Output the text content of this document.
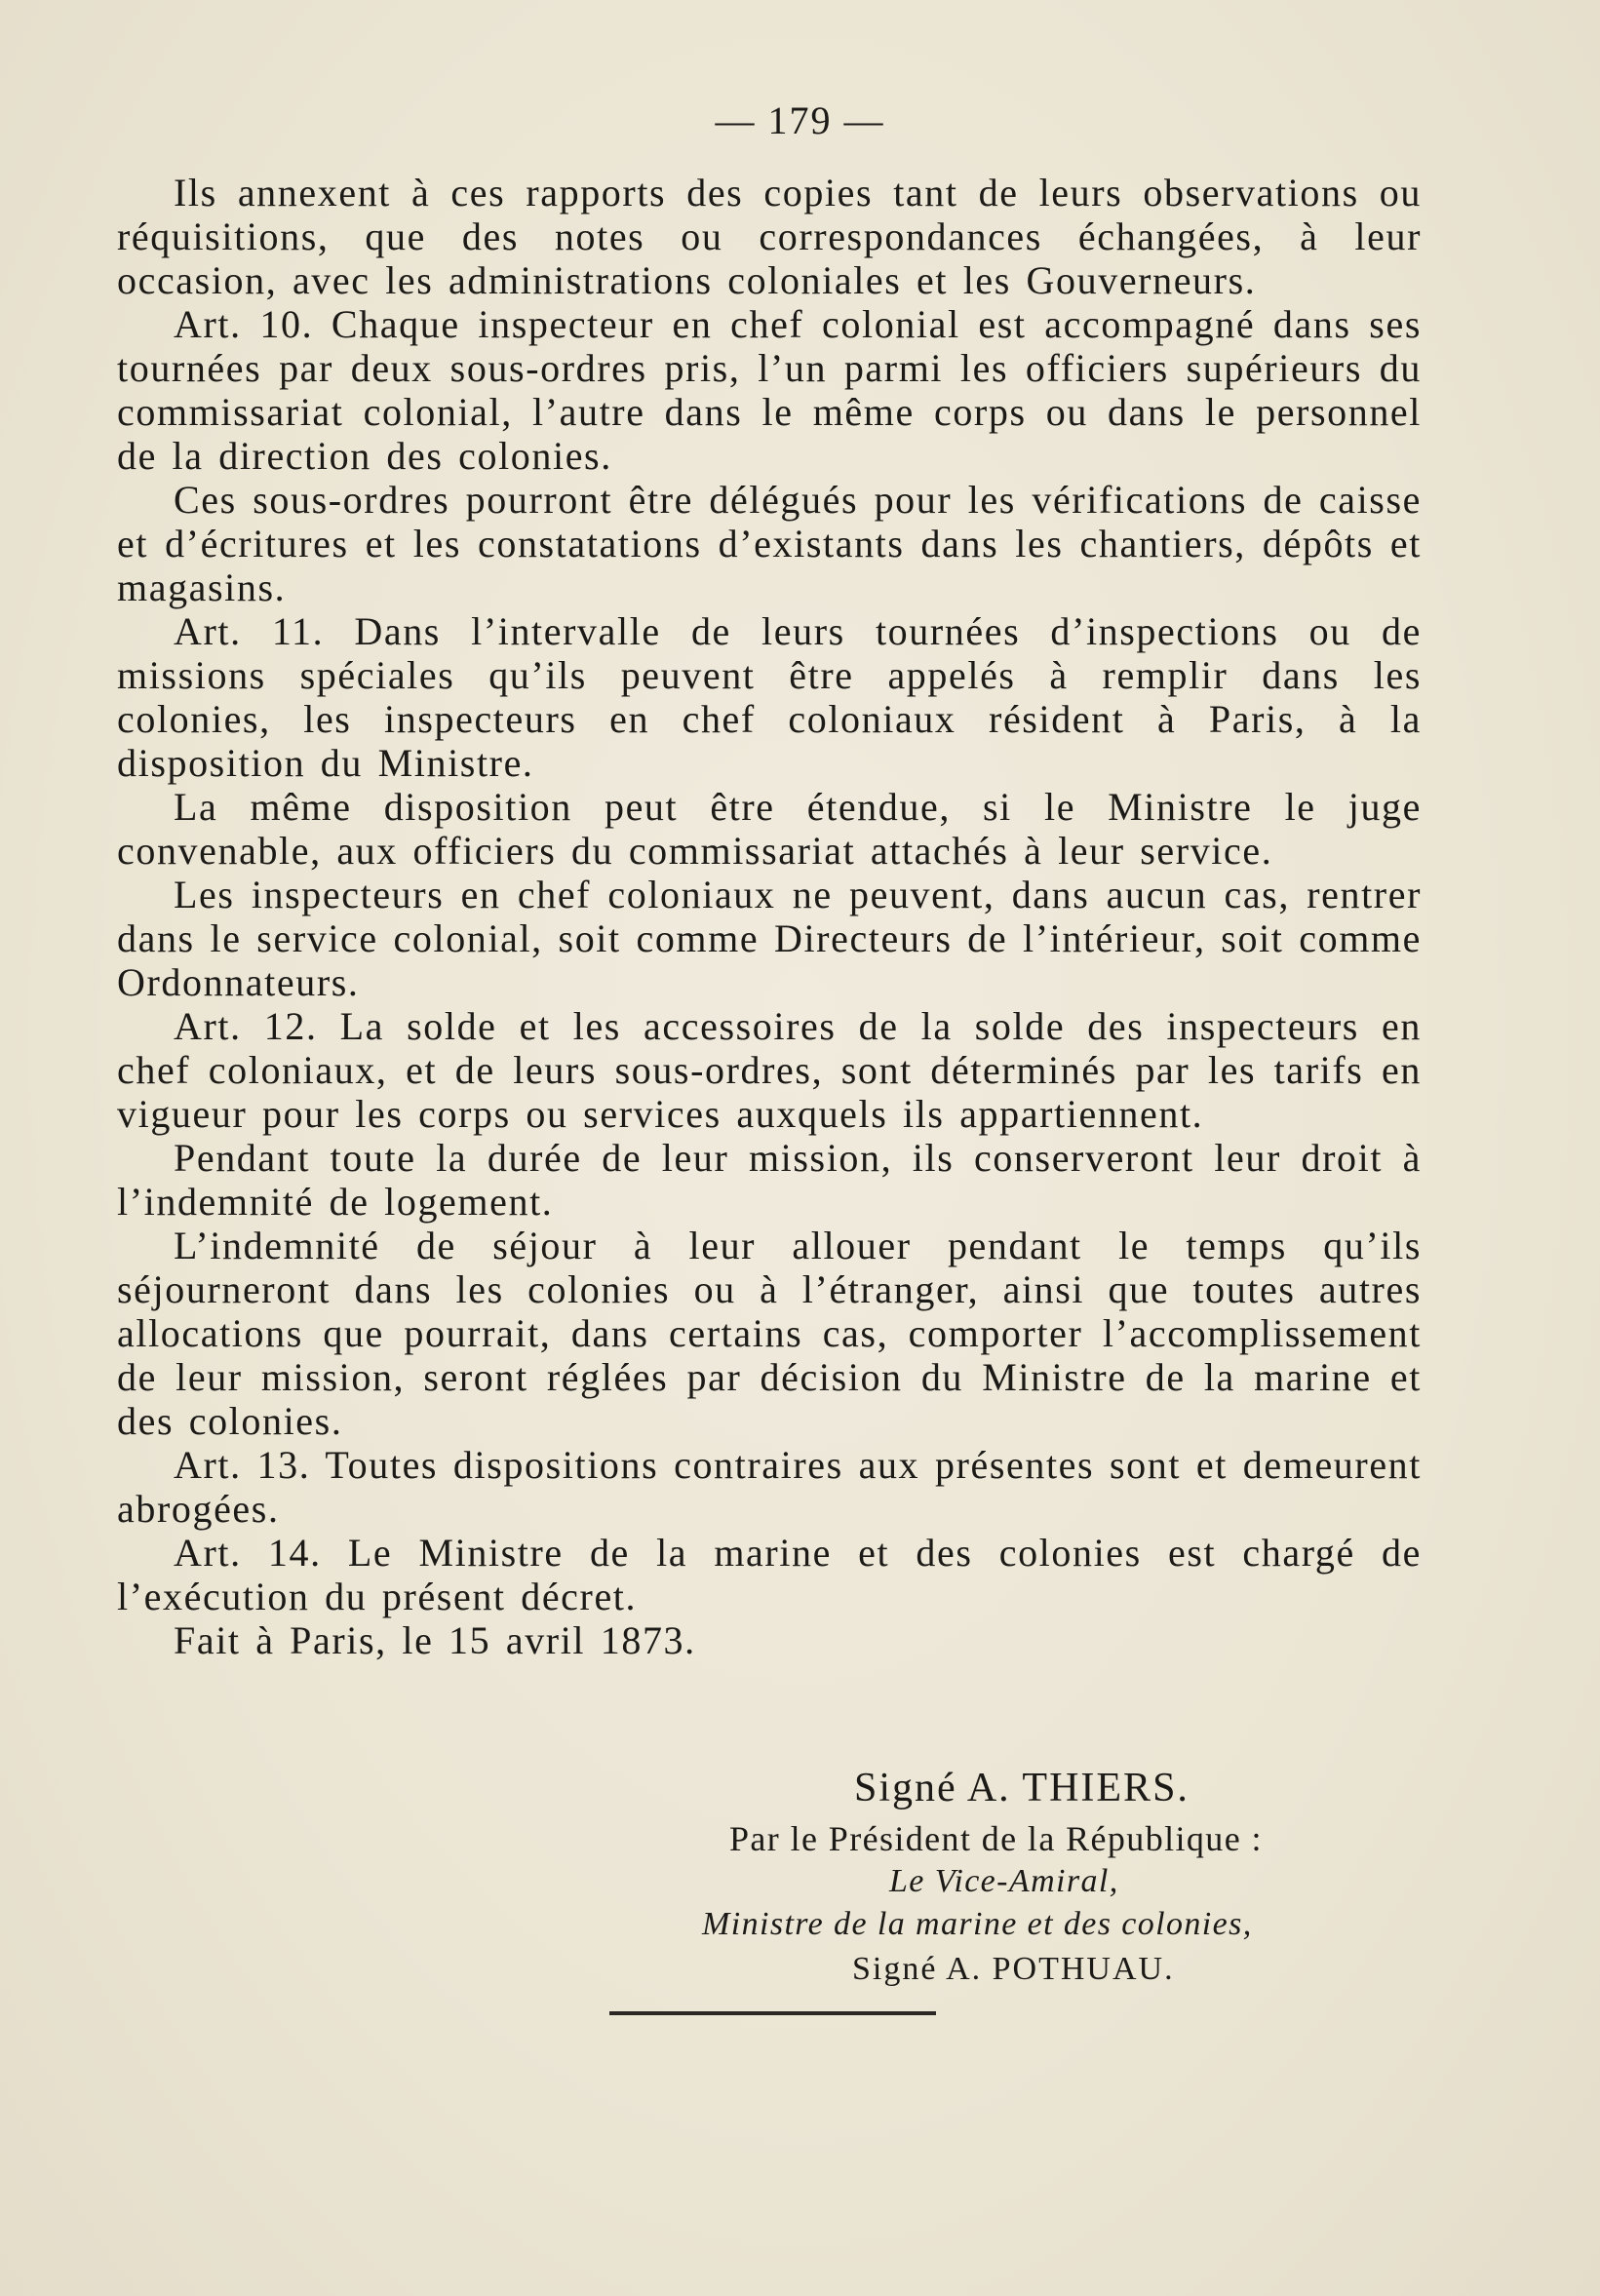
— 179 —
Ils annexent à ces rapports des copies tant de leurs observations ou réquisitions, que des notes ou correspondances échangées, à leur occasion, avec les administrations coloniales et les Gouverneurs.
Art. 10. Chaque inspecteur en chef colonial est accompagné dans ses tournées par deux sous-ordres pris, l’un parmi les officiers supérieurs du commissariat colonial, l’autre dans le même corps ou dans le personnel de la direction des colonies.
Ces sous-ordres pourront être délégués pour les vérifications de caisse et d’écritures et les constatations d’existants dans les chantiers, dépôts et magasins.
Art. 11. Dans l’intervalle de leurs tournées d’inspections ou de missions spéciales qu’ils peuvent être appelés à remplir dans les colonies, les inspecteurs en chef coloniaux résident à Paris, à la disposition du Ministre.
La même disposition peut être étendue, si le Ministre le juge convenable, aux officiers du commissariat attachés à leur service.
Les inspecteurs en chef coloniaux ne peuvent, dans aucun cas, rentrer dans le service colonial, soit comme Directeurs de l’intérieur, soit comme Ordonnateurs.
Art. 12. La solde et les accessoires de la solde des inspecteurs en chef coloniaux, et de leurs sous-ordres, sont déterminés par les tarifs en vigueur pour les corps ou services auxquels ils appartiennent.
Pendant toute la durée de leur mission, ils conserveront leur droit à l’indemnité de logement.
L’indemnité de séjour à leur allouer pendant le temps qu’ils séjourneront dans les colonies ou à l’étranger, ainsi que toutes autres allocations que pourrait, dans certains cas, comporter l’accomplissement de leur mission, seront réglées par décision du Ministre de la marine et des colonies.
Art. 13. Toutes dispositions contraires aux présentes sont et demeurent abrogées.
Art. 14. Le Ministre de la marine et des colonies est chargé de l’exécution du présent décret.
Fait à Paris, le 15 avril 1873.
Signé A. THIERS.
Par le Président de la République :
Le Vice-Amiral,
Ministre de la marine et des colonies,
Signé A. POTHUAU.
